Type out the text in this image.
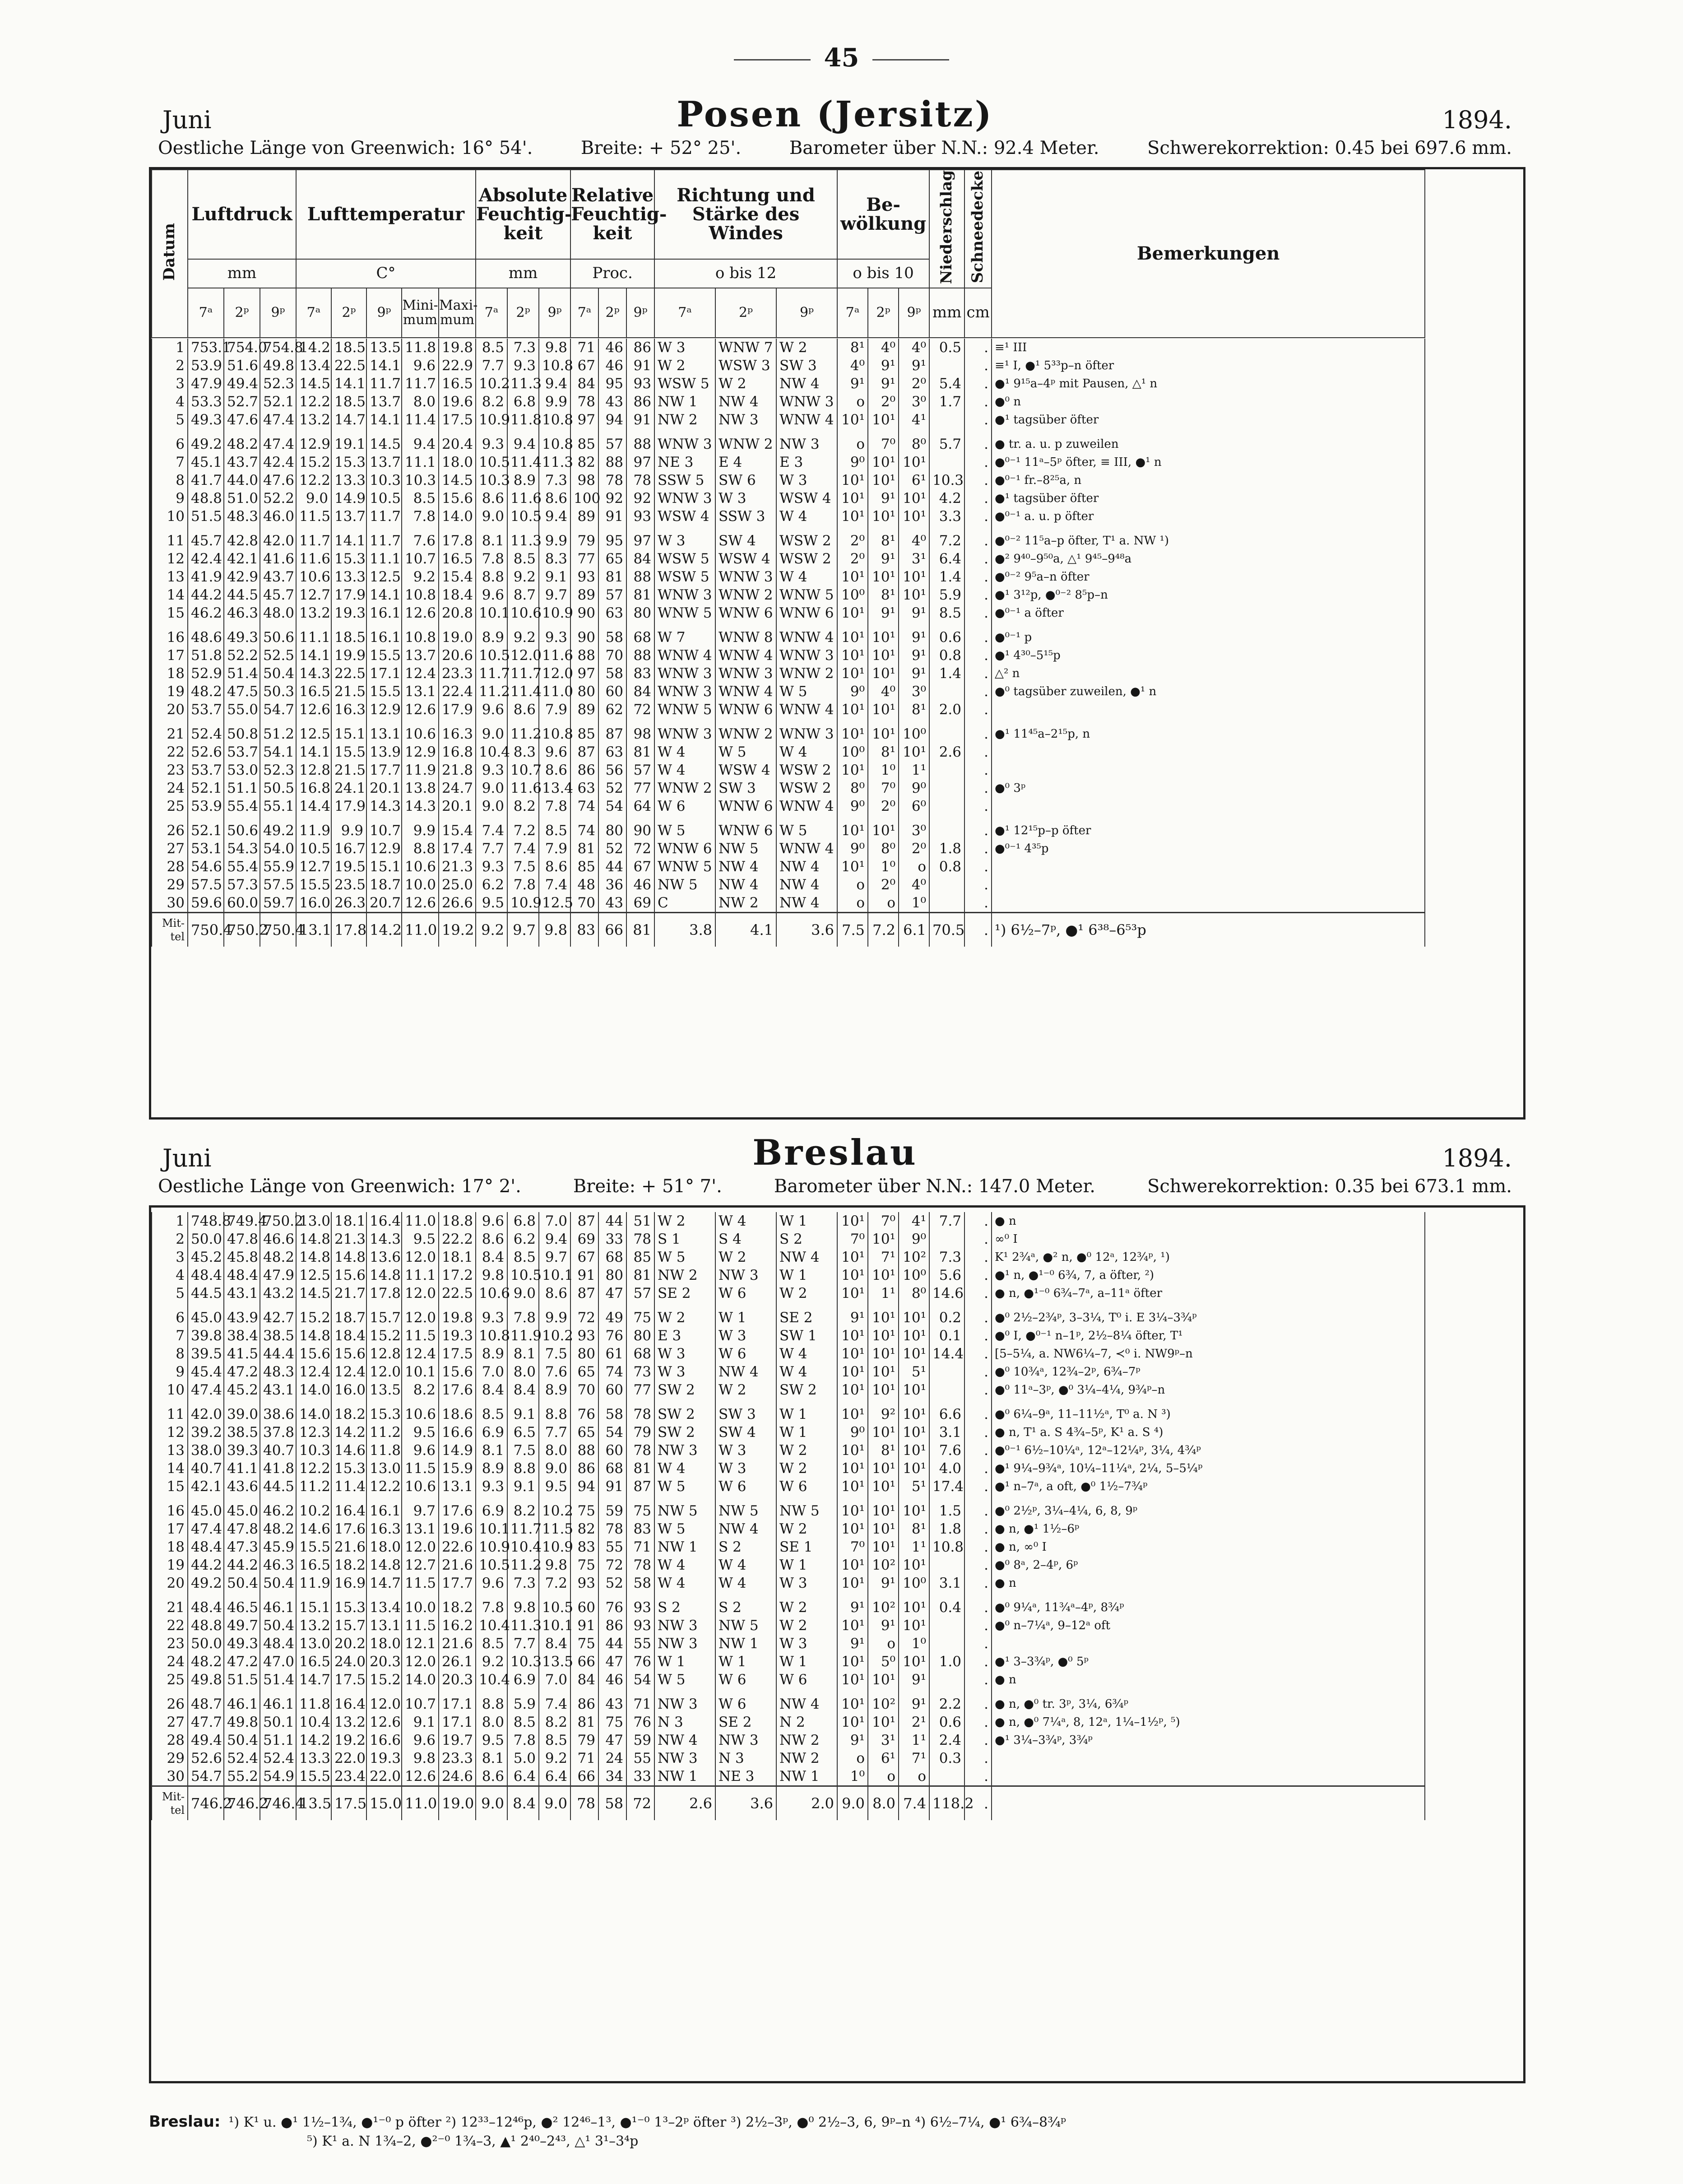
45
Juni	Posen (Jersitz)	1894.
Oestliche Länge von Greenwich: 16° 54'.	Breite: + 52° 25'.	Barometer über N.N.: 92.4 Meter.	Schwerekorrektion: 0.45 bei 697.6 mm.
Datum	Luftdruck			Lufttemperatur					Absolute Feuchtig-keit			Relative Feuchtig-keit			Richtung und Stärke des Windes			Be-wölkung			Niederschlag	Schneedecke	Bemerkungen
	mm			C°					mm			Proc.			o bis 12			o bis 10					
	7ᵃ	2ᵖ	9ᵖ	7ᵃ	2ᵖ	9ᵖ	Mini-mum	Maxi-mum	7ᵃ	2ᵖ	9ᵖ	7ᵃ	2ᵖ	9ᵖ	7ᵃ	2ᵖ	9ᵖ	7ᵃ	2ᵖ	9ᵖ	mm	cm	
1	753.1	754.0	754.8	14.2	18.5	13.5	11.8	19.8	8.5	7.3	9.8	71	46	86	W 3	WNW 7	W 2	8¹	4⁰	4⁰	0.5	.	≡¹ III
2	53.9	51.6	49.8	13.4	22.5	14.1	9.6	22.9	7.7	9.3	10.8	67	46	91	W 2	WSW 3	SW 3	4⁰	9¹	9¹		.	≡¹ I, ●¹ 5³³p–n öfter
3	47.9	49.4	52.3	14.5	14.1	11.7	11.7	16.5	10.2	11.3	9.4	84	95	93	WSW 5	W 2	NW 4	9¹	9¹	2⁰	5.4	.	●¹ 9¹⁵a–4ᵖ mit Pausen, △¹ n
4	53.3	52.7	52.1	12.2	18.5	13.7	8.0	19.6	8.2	6.8	9.9	78	43	86	NW 1	NW 4	WNW 3	o	2⁰	3⁰	1.7	.	●⁰ n
5	49.3	47.6	47.4	13.2	14.7	14.1	11.4	17.5	10.9	11.8	10.8	97	94	91	NW 2	NW 3	WNW 4	10¹	10¹	4¹		.	●¹ tagsüber öfter
6	49.2	48.2	47.4	12.9	19.1	14.5	9.4	20.4	9.3	9.4	10.8	85	57	88	WNW 3	WNW 2	NW 3	o	7⁰	8⁰	5.7	.	● tr. a. u. p zuweilen
7	45.1	43.7	42.4	15.2	15.3	13.7	11.1	18.0	10.5	11.4	11.3	82	88	97	NE 3	E 4	E 3	9⁰	10¹	10¹		.	●⁰⁻¹ 11ᵃ–5ᵖ öfter, ≡ III, ●¹ n
8	41.7	44.0	47.6	12.2	13.3	10.3	10.3	14.5	10.3	8.9	7.3	98	78	78	SSW 5	SW 6	W 3	10¹	10¹	6¹	10.3	.	●⁰⁻¹ fr.–8²⁵a, n
9	48.8	51.0	52.2	9.0	14.9	10.5	8.5	15.6	8.6	11.6	8.6	100	92	92	WNW 3	W 3	WSW 4	10¹	9¹	10¹	4.2	.	●¹ tagsüber öfter
10	51.5	48.3	46.0	11.5	13.7	11.7	7.8	14.0	9.0	10.5	9.4	89	91	93	WSW 4	SSW 3	W 4	10¹	10¹	10¹	3.3	.	●⁰⁻¹ a. u. p öfter
11	45.7	42.8	42.0	11.7	14.1	11.7	7.6	17.8	8.1	11.3	9.9	79	95	97	W 3	SW 4	WSW 2	2⁰	8¹	4⁰	7.2	.	●⁰⁻² 11⁵a–p öfter, T¹ a. NW ¹)
12	42.4	42.1	41.6	11.6	15.3	11.1	10.7	16.5	7.8	8.5	8.3	77	65	84	WSW 5	WSW 4	WSW 2	2⁰	9¹	3¹	6.4	.	●² 9⁴⁰–9⁵⁰a, △¹ 9⁴⁵–9⁴⁸a
13	41.9	42.9	43.7	10.6	13.3	12.5	9.2	15.4	8.8	9.2	9.1	93	81	88	WSW 5	WNW 3	W 4	10¹	10¹	10¹	1.4	.	●⁰⁻² 9⁵a–n öfter
14	44.2	44.5	45.7	12.7	17.9	14.1	10.8	18.4	9.6	8.7	9.7	89	57	81	WNW 3	WNW 2	WNW 5	10⁰	8¹	10¹	5.9	.	●¹ 3¹²p, ●⁰⁻² 8⁵p–n
15	46.2	46.3	48.0	13.2	19.3	16.1	12.6	20.8	10.1	10.6	10.9	90	63	80	WNW 5	WNW 6	WNW 6	10¹	9¹	9¹	8.5	.	●⁰⁻¹ a öfter
16	48.6	49.3	50.6	11.1	18.5	16.1	10.8	19.0	8.9	9.2	9.3	90	58	68	W 7	WNW 8	WNW 4	10¹	10¹	9¹	0.6	.	●⁰⁻¹ p
17	51.8	52.2	52.5	14.1	19.9	15.5	13.7	20.6	10.5	12.0	11.6	88	70	88	WNW 4	WNW 4	WNW 3	10¹	10¹	9¹	0.8	.	●¹ 4³⁰–5¹⁵p
18	52.9	51.4	50.4	14.3	22.5	17.1	12.4	23.3	11.7	11.7	12.0	97	58	83	WNW 3	WNW 3	WNW 2	10¹	10¹	9¹	1.4	.	△² n
19	48.2	47.5	50.3	16.5	21.5	15.5	13.1	22.4	11.2	11.4	11.0	80	60	84	WNW 3	WNW 4	W 5	9⁰	4⁰	3⁰		.	●⁰ tagsüber zuweilen, ●¹ n
20	53.7	55.0	54.7	12.6	16.3	12.9	12.6	17.9	9.6	8.6	7.9	89	62	72	WNW 5	WNW 6	WNW 4	10¹	10¹	8¹	2.0	.	
21	52.4	50.8	51.2	12.5	15.1	13.1	10.6	16.3	9.0	11.2	10.8	85	87	98	WNW 3	WNW 2	WNW 3	10¹	10¹	10⁰		.	●¹ 11⁴⁵a–2¹⁵p, n
22	52.6	53.7	54.1	14.1	15.5	13.9	12.9	16.8	10.4	8.3	9.6	87	63	81	W 4	W 5	W 4	10⁰	8¹	10¹	2.6	.	
23	53.7	53.0	52.3	12.8	21.5	17.7	11.9	21.8	9.3	10.7	8.6	86	56	57	W 4	WSW 4	WSW 2	10¹	1⁰	1¹		.	
24	52.1	51.1	50.5	16.8	24.1	20.1	13.8	24.7	9.0	11.6	13.4	63	52	77	WNW 2	SW 3	WSW 2	8⁰	7⁰	9⁰		.	●⁰ 3ᵖ
25	53.9	55.4	55.1	14.4	17.9	14.3	14.3	20.1	9.0	8.2	7.8	74	54	64	W 6	WNW 6	WNW 4	9⁰	2⁰	6⁰		.	
26	52.1	50.6	49.2	11.9	9.9	10.7	9.9	15.4	7.4	7.2	8.5	74	80	90	W 5	WNW 6	W 5	10¹	10¹	3⁰		.	●¹ 12¹⁵p–p öfter
27	53.1	54.3	54.0	10.5	16.7	12.9	8.8	17.4	7.7	7.4	7.9	81	52	72	WNW 6	NW 5	WNW 4	9⁰	8⁰	2⁰	1.8	.	●⁰⁻¹ 4³⁵p
28	54.6	55.4	55.9	12.7	19.5	15.1	10.6	21.3	9.3	7.5	8.6	85	44	67	WNW 5	NW 4	NW 4	10¹	1⁰	o	0.8	.	
29	57.5	57.3	57.5	15.5	23.5	18.7	10.0	25.0	6.2	7.8	7.4	48	36	46	NW 5	NW 4	NW 4	o	2⁰	4⁰		.	
30	59.6	60.0	59.7	16.0	26.3	20.7	12.6	26.6	9.5	10.9	12.5	70	43	69	C	NW 2	NW 4	o	o	1⁰		.	
Mit-tel	750.4	750.2	750.4	13.1	17.8	14.2	11.0	19.2	9.2	9.7	9.8	83	66	81	3.8	4.1	3.6	7.5	7.2	6.1	70.5	.	¹) 6½–7ᵖ, ●¹ 6³⁸–6⁵³p
Juni	Breslau	1894.
Oestliche Länge von Greenwich: 17° 2'.	Breite: + 51° 7'.	Barometer über N.N.: 147.0 Meter.	Schwerekorrektion: 0.35 bei 673.1 mm.
1	748.8	749.4	750.2	13.0	18.1	16.4	11.0	18.8	9.6	6.8	7.0	87	44	51	W 2	W 4	W 1	10¹	7⁰	4¹	7.7	.	● n
2	50.0	47.8	46.6	14.8	21.3	14.3	9.5	22.2	8.6	6.2	9.4	69	33	78	S 1	S 4	S 2	7⁰	10¹	9⁰		.	∞⁰ I
3	45.2	45.8	48.2	14.8	14.8	13.6	12.0	18.1	8.4	8.5	9.7	67	68	85	W 5	W 2	NW 4	10¹	7¹	10²	7.3	.	K¹ 2¾ᵃ, ●² n, ●⁰ 12ᵃ, 12¾ᵖ, ¹)
4	48.4	48.4	47.9	12.5	15.6	14.8	11.1	17.2	9.8	10.5	10.1	91	80	81	NW 2	NW 3	W 1	10¹	10¹	10⁰	5.6	.	●¹ n, ●¹⁻⁰ 6¾, 7, a öfter, ²)
5	44.5	43.1	43.2	14.5	21.7	17.8	12.0	22.5	10.6	9.0	8.6	87	47	57	SE 2	W 6	W 2	10¹	1¹	8⁰	14.6	.	● n, ●¹⁻⁰ 6¾–7ᵃ, a–11ᵃ öfter
6	45.0	43.9	42.7	15.2	18.7	15.7	12.0	19.8	9.3	7.8	9.9	72	49	75	W 2	W 1	SE 2	9¹	10¹	10¹	0.2	.	●⁰ 2½–2¾ᵖ, 3–3¼, T⁰ i. E 3¼–3¾ᵖ
7	39.8	38.4	38.5	14.8	18.4	15.2	11.5	19.3	10.8	11.9	10.2	93	76	80	E 3	W 3	SW 1	10¹	10¹	10¹	0.1	.	●⁰ I, ●⁰⁻¹ n–1ᵖ, 2½–8¼ öfter, T¹
8	39.5	41.5	44.4	15.6	15.6	12.8	12.4	17.5	8.9	8.1	7.5	80	61	68	W 3	W 6	W 4	10¹	10¹	10¹	14.4	.	[5–5¼, a. NW6¼–7, ≺⁰ i. NW9ᵖ–n
9	45.4	47.2	48.3	12.4	12.4	12.0	10.1	15.6	7.0	8.0	7.6	65	74	73	W 3	NW 4	W 4	10¹	10¹	5¹		.	●⁰ 10¾ᵃ, 12¾–2ᵖ, 6¾–7ᵖ
10	47.4	45.2	43.1	14.0	16.0	13.5	8.2	17.6	8.4	8.4	8.9	70	60	77	SW 2	W 2	SW 2	10¹	10¹	10¹		.	●⁰ 11ᵃ–3ᵖ, ●⁰ 3¼–4¼, 9¾ᵖ–n
11	42.0	39.0	38.6	14.0	18.2	15.3	10.6	18.6	8.5	9.1	8.8	76	58	78	SW 2	SW 3	W 1	10¹	9²	10¹	6.6	.	●⁰ 6¼–9ᵃ, 11–11½ᵃ, T⁰ a. N ³)
12	39.2	38.5	37.8	12.3	14.2	11.2	9.5	16.6	6.9	6.5	7.7	65	54	79	SW 2	SW 4	W 1	9⁰	10¹	10¹	3.1	.	● n, T¹ a. S 4¾–5ᵖ, K¹ a. S ⁴)
13	38.0	39.3	40.7	10.3	14.6	11.8	9.6	14.9	8.1	7.5	8.0	88	60	78	NW 3	W 3	W 2	10¹	8¹	10¹	7.6	.	●⁰⁻¹ 6½–10¼ᵃ, 12ᵃ–12¼ᵖ, 3¼, 4¾ᵖ
14	40.7	41.1	41.8	12.2	15.3	13.0	11.5	15.9	8.9	8.8	9.0	86	68	81	W 4	W 3	W 2	10¹	10¹	10¹	4.0	.	●¹ 9¼–9¾ᵃ, 10¼–11¼ᵃ, 2¼, 5–5¼ᵖ
15	42.1	43.6	44.5	11.2	11.4	12.2	10.6	13.1	9.3	9.1	9.5	94	91	87	W 5	W 6	W 6	10¹	10¹	5¹	17.4	.	●¹ n–7ᵃ, a oft, ●⁰ 1½–7¾ᵖ
16	45.0	45.0	46.2	10.2	16.4	16.1	9.7	17.6	6.9	8.2	10.2	75	59	75	NW 5	NW 5	NW 5	10¹	10¹	10¹	1.5	.	●⁰ 2½ᵖ, 3¼–4¼, 6, 8, 9ᵖ
17	47.4	47.8	48.2	14.6	17.6	16.3	13.1	19.6	10.1	11.7	11.5	82	78	83	W 5	NW 4	W 2	10¹	10¹	8¹	1.8	.	● n, ●¹ 1½–6ᵖ
18	48.4	47.3	45.9	15.5	21.6	18.0	12.0	22.6	10.9	10.4	10.9	83	55	71	NW 1	S 2	SE 1	7⁰	10¹	1¹	10.8	.	● n, ∞⁰ I
19	44.2	44.2	46.3	16.5	18.2	14.8	12.7	21.6	10.5	11.2	9.8	75	72	78	W 4	W 4	W 1	10¹	10²	10¹		.	●⁰ 8ᵃ, 2–4ᵖ, 6ᵖ
20	49.2	50.4	50.4	11.9	16.9	14.7	11.5	17.7	9.6	7.3	7.2	93	52	58	W 4	W 4	W 3	10¹	9¹	10⁰	3.1	.	● n
21	48.4	46.5	46.1	15.1	15.3	13.4	10.0	18.2	7.8	9.8	10.5	60	76	93	S 2	S 2	W 2	9¹	10²	10¹	0.4	.	●⁰ 9¼ᵃ, 11¾ᵃ–4ᵖ, 8¾ᵖ
22	48.8	49.7	50.4	13.2	15.7	13.1	11.5	16.2	10.4	11.3	10.1	91	86	93	NW 3	NW 5	W 2	10¹	9¹	10¹		.	●⁰ n–7¼ᵃ, 9–12ᵃ oft
23	50.0	49.3	48.4	13.0	20.2	18.0	12.1	21.6	8.5	7.7	8.4	75	44	55	NW 3	NW 1	W 3	9¹	o	1⁰		.	
24	48.2	47.2	47.0	16.5	24.0	20.3	12.0	26.1	9.2	10.3	13.5	66	47	76	W 1	W 1	W 1	10¹	5⁰	10¹	1.0	.	●¹ 3–3¾ᵖ, ●⁰ 5ᵖ
25	49.8	51.5	51.4	14.7	17.5	15.2	14.0	20.3	10.4	6.9	7.0	84	46	54	W 5	W 6	W 6	10¹	10¹	9¹		.	● n
26	48.7	46.1	46.1	11.8	16.4	12.0	10.7	17.1	8.8	5.9	7.4	86	43	71	NW 3	W 6	NW 4	10¹	10²	9¹	2.2	.	● n, ●⁰ tr. 3ᵖ, 3¼, 6¾ᵖ
27	47.7	49.8	50.1	10.4	13.2	12.6	9.1	17.1	8.0	8.5	8.2	81	75	76	N 3	SE 2	N 2	10¹	10¹	2¹	0.6	.	● n, ●⁰ 7¼ᵃ, 8, 12ᵃ, 1¼–1½ᵖ, ⁵)
28	49.4	50.4	51.1	14.2	19.2	16.6	9.6	19.7	9.5	7.8	8.5	79	47	59	NW 4	NW 3	NW 2	9¹	3¹	1¹	2.4	.	●¹ 3¼–3¾ᵖ, 3¾ᵖ
29	52.6	52.4	52.4	13.3	22.0	19.3	9.8	23.3	8.1	5.0	9.2	71	24	55	NW 3	N 3	NW 2	o	6¹	7¹	0.3	.	
30	54.7	55.2	54.9	15.5	23.4	22.0	12.6	24.6	8.6	6.4	6.4	66	34	33	NW 1	NE 3	NW 1	1⁰	o	o		.	
Mit-tel	746.2	746.2	746.4	13.5	17.5	15.0	11.0	19.0	9.0	8.4	9.0	78	58	72	2.6	3.6	2.0	9.0	8.0	7.4	118.2	.	
Breslau: ¹) K¹ u. ●¹ 1½–1¾, ●¹⁻⁰ p öfter ²) 12³³–12⁴⁶p, ●² 12⁴⁶–1³, ●¹⁻⁰ 1³–2ᵖ öfter ³) 2½–3ᵖ, ●⁰ 2½–3, 6, 9ᵖ–n ⁴) 6½–7¼, ●¹ 6¾–8¾ᵖ
⁵) K¹ a. N 1¾–2, ●²⁻⁰ 1¾–3, ▲¹ 2⁴⁰–2⁴³, △¹ 3¹–3⁴p
